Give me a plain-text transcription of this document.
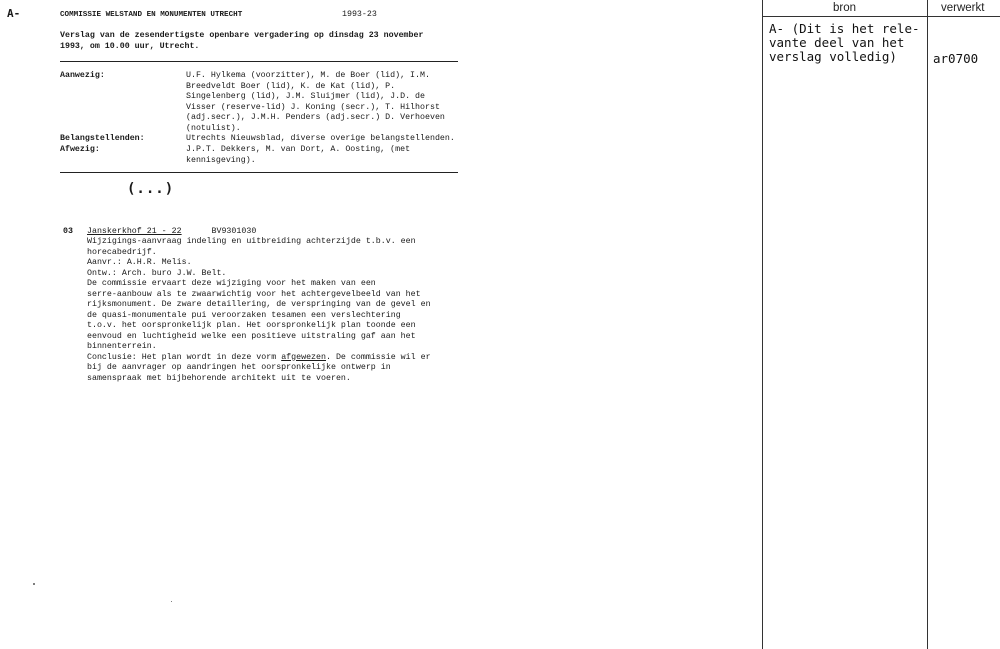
A-	COMMISSIE WELSTAND EN MONUMENTEN UTRECHT	1993-23
Verslag van de zesendertigste openbare vergadering op dinsdag 23 november
1993, om 10.00 uur, Utrecht.
Aanwezig:	U.F. Hylkema (voorzitter), M. de Boer (lid), I.M.
Breedveldt Boer (lid), K. de Kat (lid), P.
Singelenberg (lid), J.M. Sluijmer (lid), J.D. de
Visser (reserve-lid) J. Koning (secr.), T. Hilhorst
(adj.secr.), J.M.H. Penders (adj.secr.) D. Verhoeven
(notulist).
Belangstellenden:	Utrechts Nieuwsblad, diverse overige belangstellenden.
Afwezig:	J.P.T. Dekkers, M. van Dort, A. Oosting, (met
kennisgeving).
(...)
03 Janskerkhof 21 - 22	BV9301030
Wijzigings-aanvraag indeling en uitbreiding achterzijde t.b.v. een
horecabedrijf.
Aanvr.: A.H.R. Melis.
Ontw.: Arch. buro J.W. Belt.
De commissie ervaart deze wijziging voor het maken van een
serre-aanbouw als te zwaarwichtig voor het achtergevelbeeld van het
rijksmonument. De zware detaillering, de verspringing van de gevel en
de quasi-monumentale pui veroorzaken tesamen een verslechtering
t.o.v. het oorspronkelijk plan. Het oorspronkelijk plan toonde een
eenvoud en luchtigheid welke een positieve uitstraling gaf aan het
binnenterrein.
Conclusie: Het plan wordt in deze vorm afgewezen. De commissie wil er
bij de aanvrager op aandringen het oorspronkelijke ontwerp in
samenspraak met bijbehorende architekt uit te voeren.
bron	verwerkt
A- (Dit is het rele-
vante deel van het
verslag volledig)	ar0700
